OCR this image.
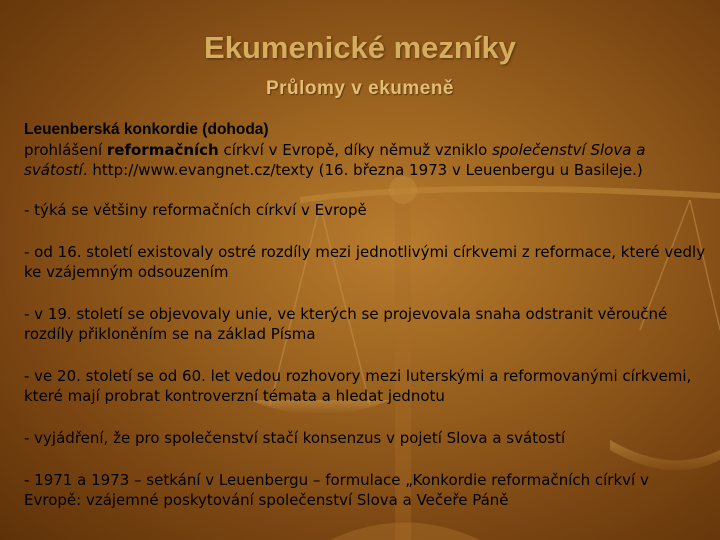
Ekumenické mezníky
Průlomy v ekumeně
Leuenberská konkordie (dohoda)
prohlášení reformačních církví v Evropě, díky němuž vzniklo společenství Slova a svátostí. http://www.evangnet.cz/texty (16. března 1973 v Leuenbergu u Basileje.)
- týká se většiny reformačních církví v Evropě
- od 16. století existovaly ostré rozdíly mezi jednotlivými církvemi z reformace, které vedly ke vzájemným odsouzením
- v 19. století se objevovaly unie, ve kterých se projevovala snaha odstranit věroučné rozdíly přikloněním se na základ Písma
- ve 20. století se od 60. let vedou rozhovory mezi luterskými a reformovanými církvemi, které mají probrat kontroverzní témata a hledat jednotu
- vyjádření, že pro společenství stačí konsenzus v pojetí Slova a svátostí
- 1971 a 1973 – setkání v Leuenbergu – formulace „Konkordie reformačních církví v Evropě: vzájemné poskytování společenství Slova a Večeře Páně
